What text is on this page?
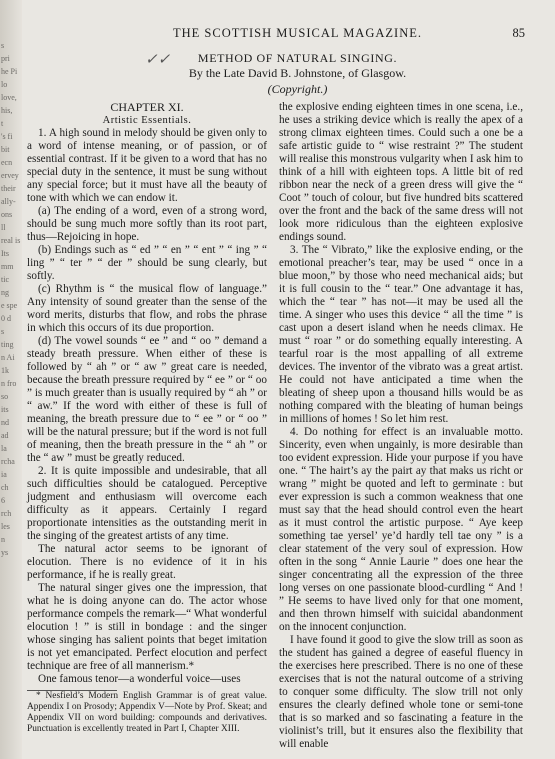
s
pri
he Pi
lo
love,
his,
t
's fi
bit
ecn
ervey
their
ally-
ons
ll
real is
Its
mm
tic
ng
e spe
0 d
s
ting
n Ai
1k
n fro
so
its
nd
ad
la
rcha
ia
ch
6
rch
les
n
ys
THE SCOTTISH MUSICAL MAGAZINE.	85
✓✓	METHOD OF NATURAL SINGING.
By the Late David B. Johnstone, of Glasgow.
(Copyright.)

CHAPTER XI.

Artistic Essentials.

1. A high sound in melody should be given only to a word of intense meaning, or of passion, or of essential contrast. If it be given to a word that has no special duty in the sentence, it must be sung without any special force; but it must have all the beauty of tone with which we can endow it.

(a) The ending of a word, even of a strong word, should be sung much more softly than its root part, thus—Rejoicing in hope.

(b) Endings such as “ ed ” “ en ” “ ent ” “ ing ” “ ling ” “ ter ” “ der ” should be sung clearly, but softly.

(c) Rhythm is “ the musical flow of language.” Any intensity of sound greater than the sense of the word merits, disturbs that flow, and robs the phrase in which this occurs of its due proportion.

(d) The vowel sounds “ ee ” and “ oo ” demand a steady breath pressure. When either of these is followed by “ ah ” or “ aw ” great care is needed, because the breath pressure required by “ ee ” or “ oo ” is much greater than is usually required by “ ah ” or “ aw.” If the word with either of these is full of meaning, the breath pressure due to “ ee ” or “ oo ” will be the natural pressure; but if the word is not full of meaning, then the breath pressure in the “ ah ” or the “ aw ” must be greatly reduced.

2. It is quite impossible and undesirable, that all such difficulties should be catalogued. Perceptive judgment and enthusiasm will overcome each difficulty as it appears. Certainly I regard proportionate intensities as the outstanding merit in the singing of the greatest artists of any time.

The natural actor seems to be ignorant of elocution. There is no evidence of it in his performance, if he is really great.

The natural singer gives one the impression, that what he is doing anyone can do. The actor whose performance compels the remark—“ What wonderful elocution ! ” is still in bondage : and the singer whose singing has salient points that beget imitation is not yet emancipated. Perfect elocution and perfect technique are free of all mannerism.*

One famous tenor—a wonderful voice—uses

* Nesfield’s Modern English Grammar is of great value. Appendix I on Prosody; Appendix V—Note by Prof. Skeat; and Appendix VII on word building: compounds and derivatives. Punctuation is excellently treated in Part I, Chapter XIII.

the explosive ending eighteen times in one scena, i.e., he uses a striking device which is really the apex of a strong climax eighteen times. Could such a one be a safe artistic guide to “ wise restraint ?” The student will realise this monstrous vulgarity when I ask him to think of a hill with eighteen tops. A little bit of red ribbon near the neck of a green dress will give the “ Coot ” touch of colour, but five hundred bits scattered over the front and the back of the same dress will not look more ridiculous than the eighteen explosive endings sound.

3. The “ Vibrato,” like the explosive ending, or the emotional preacher’s tear, may be used “ once in a blue moon,” by those who need mechanical aids; but it is full cousin to the “ tear.” One advantage it has, which the “ tear ” has not—it may be used all the time. A singer who uses this device “ all the time ” is cast upon a desert island when he needs climax. He must “ roar ” or do something equally interesting. A tearful roar is the most appalling of all extreme devices. The inventor of the vibrato was a great artist. He could not have anticipated a time when the bleating of sheep upon a thousand hills would be as nothing compared with the bleating of human beings in millions of homes ! So let him rest.

4. Do nothing for effect is an invaluable motto. Sincerity, even when ungainly, is more desirable than too evident expression. Hide your purpose if you have one. “ The hairt’s ay the pairt ay that maks us richt or wrang ” might be quoted and left to germinate : but ever expression is such a common weakness that one must say that the head should control even the heart as it must control the artistic purpose. “ Aye keep something tae yersel’ ye’d hardly tell tae ony ” is a clear statement of the very soul of expression. How often in the song “ Annie Laurie ” does one hear the singer concentrating all the expression of the three long verses on one passionate blood-curdling “ And ! ” He seems to have lived only for that one moment, and then thrown himself with suicidal abandonment on the innocent conjunction.

I have found it good to give the slow trill as soon as the student has gained a degree of easeful fluency in the exercises here prescribed. There is no one of these exercises that is not the natural outcome of a striving to conquer some difficulty. The slow trill not only ensures the clearly defined whole tone or semi-tone that is so marked and so fascinating a feature in the violinist’s trill, but it ensures also the flexibility that will enable
